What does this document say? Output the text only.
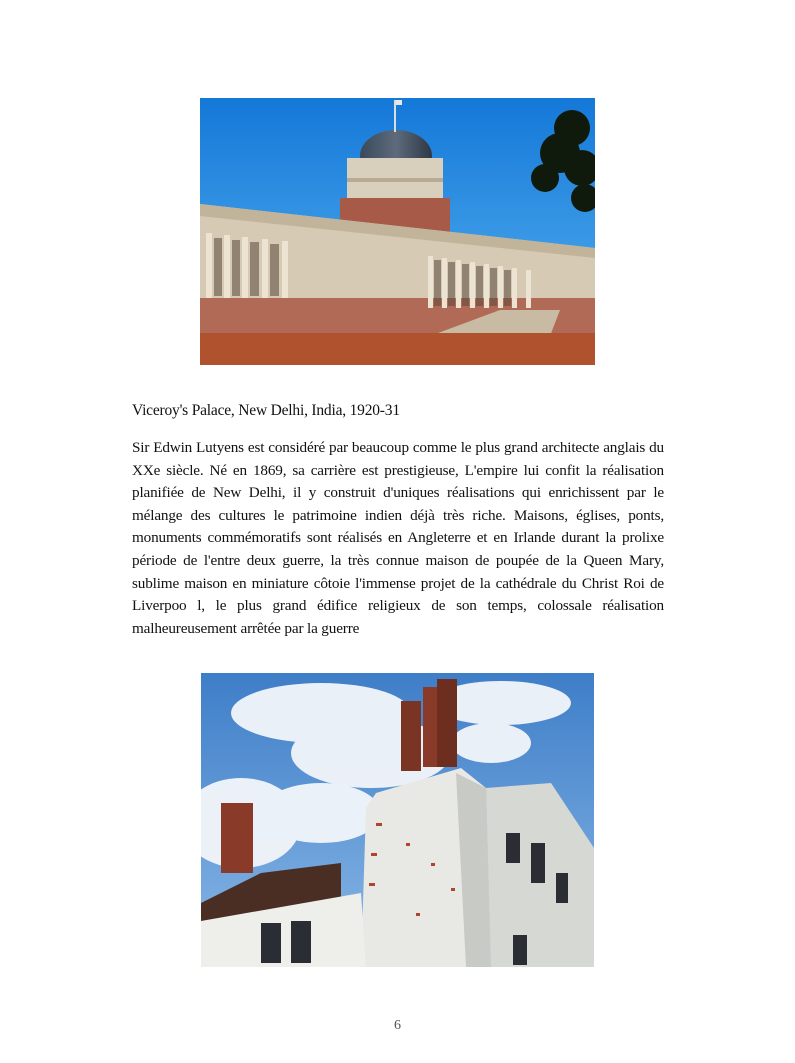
Viceroy's Palace, New Delhi, India, 1920-31

Sir Edwin Lutyens est considéré par beaucoup comme le plus grand architecte anglais du XXe siècle. Né en 1869, sa carrière est prestigieuse, L'empire lui confit la réalisation planifiée de New Delhi, il y construit d'uniques réalisations qui enrichissent par le mélange des cultures le patrimoine indien déjà très riche. Maisons, églises, ponts, monuments commémoratifs sont réalisés en Angleterre et en Irlande durant la prolixe période de l'entre deux guerre, la très connue maison de poupée de la Queen Mary, sublime maison en miniature côtoie l'immense projet de la cathédrale du Christ Roi de Liverpoo l, le plus grand édifice religieux de son temps, colossale réalisation malheureusement arrêtée par la guerre

6
